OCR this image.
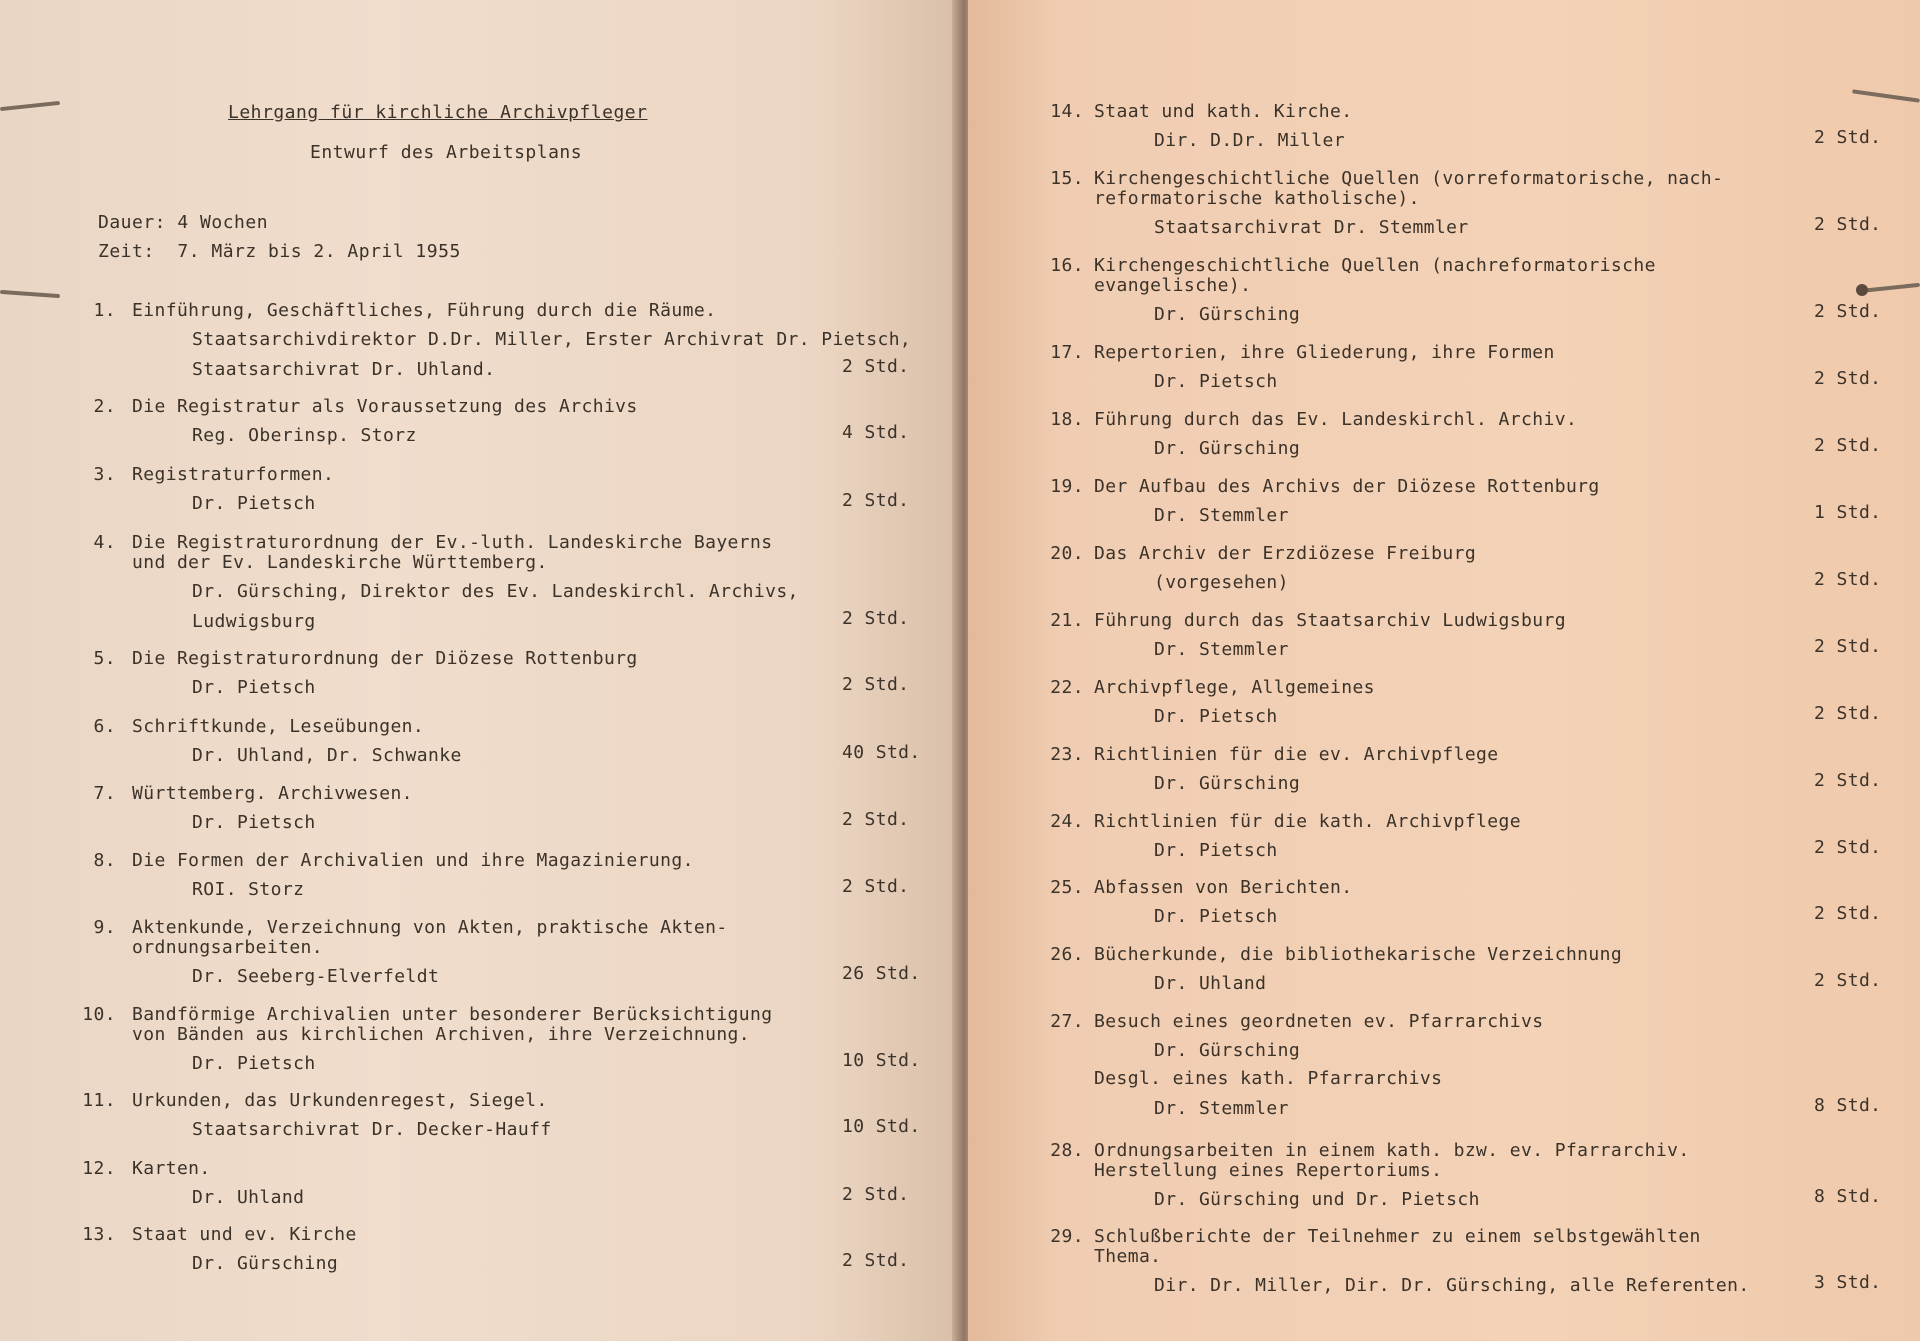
Lehrgang für kirchliche Archivpfleger
Entwurf des Arbeitsplans
Dauer: 4 Wochen
Zeit:  7. März bis 2. April 1955
1. Einführung, Geschäftliches, Führung durch die Räume.
Staatsarchivdirektor D.Dr. Miller, Erster Archivrat Dr. Pietsch,
Staatsarchivrat Dr. Uhland.	2 Std.
2. Die Registratur als Voraussetzung des Archivs
Reg. Oberinsp. Storz	4 Std.
3. Registraturformen.
Dr. Pietsch	2 Std.
4. Die Registraturordnung der Ev.-luth. Landeskirche Bayerns
und der Ev. Landeskirche Württemberg.
Dr. Gürsching, Direktor des Ev. Landeskirchl. Archivs,
Ludwigsburg	2 Std.
5. Die Registraturordnung der Diözese Rottenburg
Dr. Pietsch	2 Std.
6. Schriftkunde, Leseübungen.
Dr. Uhland, Dr. Schwanke	40 Std.
7. Württemberg. Archivwesen.
Dr. Pietsch	2 Std.
8. Die Formen der Archivalien und ihre Magazinierung.
ROI. Storz	2 Std.
9. Aktenkunde, Verzeichnung von Akten, praktische Akten-
ordnungsarbeiten.
Dr. Seeberg-Elverfeldt	26 Std.
10. Bandförmige Archivalien unter besonderer Berücksichtigung
von Bänden aus kirchlichen Archiven, ihre Verzeichnung.
Dr. Pietsch	10 Std.
11. Urkunden, das Urkundenregest, Siegel.
Staatsarchivrat Dr. Decker-Hauff	10 Std.
12. Karten.
Dr. Uhland	2 Std.
13. Staat und ev. Kirche
Dr. Gürsching	2 Std.
14. Staat und kath. Kirche.
Dir. D.Dr. Miller	2 Std.
15. Kirchengeschichtliche Quellen (vorreformatorische, nach-
reformatorische katholische).
Staatsarchivrat Dr. Stemmler	2 Std.
16. Kirchengeschichtliche Quellen (nachreformatorische
evangelische).
Dr. Gürsching	2 Std.
17. Repertorien, ihre Gliederung, ihre Formen
Dr. Pietsch	2 Std.
18. Führung durch das Ev. Landeskirchl. Archiv.
Dr. Gürsching	2 Std.
19. Der Aufbau des Archivs der Diözese Rottenburg
Dr. Stemmler	1 Std.
20. Das Archiv der Erzdiözese Freiburg
(vorgesehen)	2 Std.
21. Führung durch das Staatsarchiv Ludwigsburg
Dr. Stemmler	2 Std.
22. Archivpflege, Allgemeines
Dr. Pietsch	2 Std.
23. Richtlinien für die ev. Archivpflege
Dr. Gürsching	2 Std.
24. Richtlinien für die kath. Archivpflege
Dr. Pietsch	2 Std.
25. Abfassen von Berichten.
Dr. Pietsch	2 Std.
26. Bücherkunde, die bibliothekarische Verzeichnung
Dr. Uhland	2 Std.
27. Besuch eines geordneten ev. Pfarrarchivs
Dr. Gürsching
Desgl. eines kath. Pfarrarchivs
Dr. Stemmler	8 Std.
28. Ordnungsarbeiten in einem kath. bzw. ev. Pfarrarchiv.
Herstellung eines Repertoriums.
Dr. Gürsching und Dr. Pietsch	8 Std.
29. Schlußberichte der Teilnehmer zu einem selbstgewählten
Thema.
Dir. Dr. Miller, Dir. Dr. Gürsching, alle Referenten.	3 Std.
